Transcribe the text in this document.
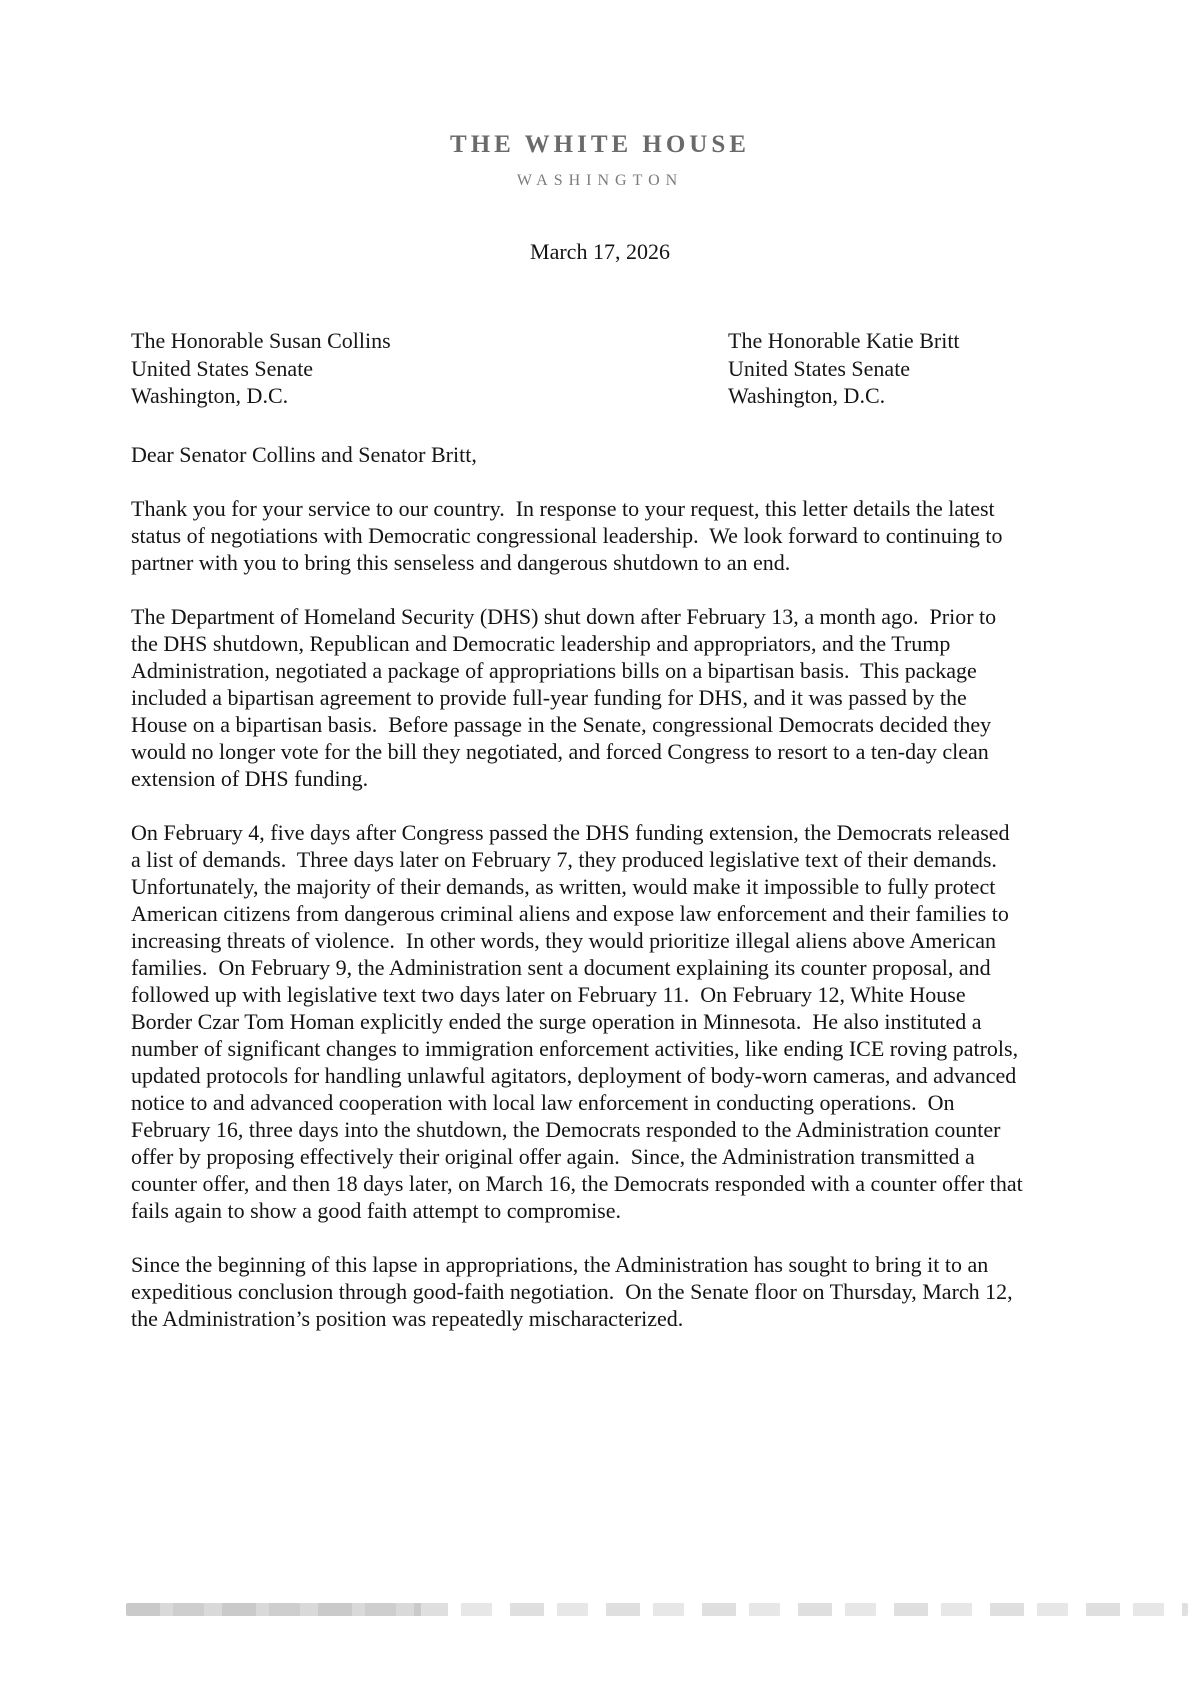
THE WHITE HOUSE
WASHINGTON
March 17, 2026
The Honorable Susan Collins
United States Senate
Washington, D.C.
The Honorable Katie Britt
United States Senate
Washington, D.C.
Dear Senator Collins and Senator Britt,

Thank you for your service to our country.  In response to your request, this letter details the latest status of negotiations with Democratic congressional leadership.  We look forward to continuing to partner with you to bring this senseless and dangerous shutdown to an end.

The Department of Homeland Security (DHS) shut down after February 13, a month ago.  Prior to the DHS shutdown, Republican and Democratic leadership and appropriators, and the Trump Administration, negotiated a package of appropriations bills on a bipartisan basis.  This package included a bipartisan agreement to provide full-year funding for DHS, and it was passed by the House on a bipartisan basis.  Before passage in the Senate, congressional Democrats decided they would no longer vote for the bill they negotiated, and forced Congress to resort to a ten-day clean extension of DHS funding.

On February 4, five days after Congress passed the DHS funding extension, the Democrats released a list of demands.  Three days later on February 7, they produced legislative text of their demands.  Unfortunately, the majority of their demands, as written, would make it impossible to fully protect American citizens from dangerous criminal aliens and expose law enforcement and their families to increasing threats of violence.  In other words, they would prioritize illegal aliens above American families.  On February 9, the Administration sent a document explaining its counter proposal, and followed up with legislative text two days later on February 11.  On February 12, White House Border Czar Tom Homan explicitly ended the surge operation in Minnesota.  He also instituted a number of significant changes to immigration enforcement activities, like ending ICE roving patrols, updated protocols for handling unlawful agitators, deployment of body-worn cameras, and advanced notice to and advanced cooperation with local law enforcement in conducting operations.  On February 16, three days into the shutdown, the Democrats responded to the Administration counter offer by proposing effectively their original offer again.  Since, the Administration transmitted a counter offer, and then 18 days later, on March 16, the Democrats responded with a counter offer that fails again to show a good faith attempt to compromise.

Since the beginning of this lapse in appropriations, the Administration has sought to bring it to an expeditious conclusion through good-faith negotiation.  On the Senate floor on Thursday, March 12, the Administration’s position was repeatedly mischaracterized.
